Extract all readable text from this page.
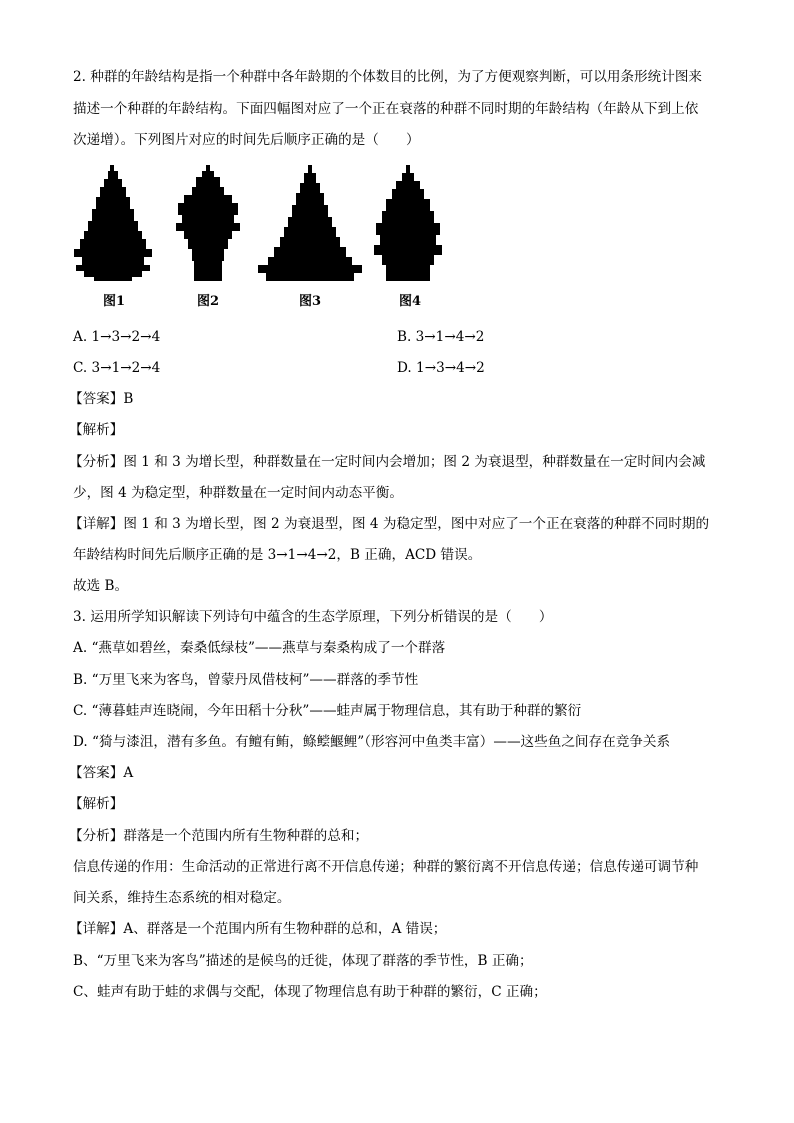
2. 种群的年龄结构是指一个种群中各年龄期的个体数目的比例，为了方便观察判断，可以用条形统计图来
描述一个种群的年龄结构。下面四幅图对应了一个正在衰落的种群不同时期的年龄结构（年龄从下到上依
次递增）。下列图片对应的时间先后顺序正确的是（　　）
图1	图2	图3	图4
A. 1→3→2→4	B. 3→1→4→2
C. 3→1→2→4	D. 1→3→4→2
【答案】B
【解析】
【分析】图 1 和 3 为增长型，种群数量在一定时间内会增加；图 2 为衰退型，种群数量在一定时间内会减
少，图 4 为稳定型，种群数量在一定时间内动态平衡。
【详解】图 1 和 3 为增长型，图 2 为衰退型，图 4 为稳定型，图中对应了一个正在衰落的种群不同时期的
年龄结构时间先后顺序正确的是 3→1→4→2，B 正确，ACD 错误。
故选 B。
3. 运用所学知识解读下列诗句中蕴含的生态学原理，下列分析错误的是（　　）
A. “燕草如碧丝，秦桑低绿枝”——燕草与秦桑构成了一个群落
B. “万里飞来为客鸟，曾蒙丹凤借枝柯”——群落的季节性
C. “薄暮蛙声连晓闹，今年田稻十分秋”——蛙声属于物理信息，其有助于种群的繁衍
D. “猗与漆沮，潜有多鱼。有鳣有鲔，鲦鲿鰋鲤”（形容河中鱼类丰富）——这些鱼之间存在竞争关系
【答案】A
【解析】
【分析】群落是一个范围内所有生物种群的总和；
信息传递的作用：生命活动的正常进行离不开信息传递；种群的繁衍离不开信息传递；信息传递可调节种
间关系，维持生态系统的相对稳定。
【详解】A、群落是一个范围内所有生物种群的总和，A 错误；
B、“万里飞来为客鸟”描述的是候鸟的迁徙，体现了群落的季节性，B 正确；
C、蛙声有助于蛙的求偶与交配，体现了物理信息有助于种群的繁衍，C 正确；
